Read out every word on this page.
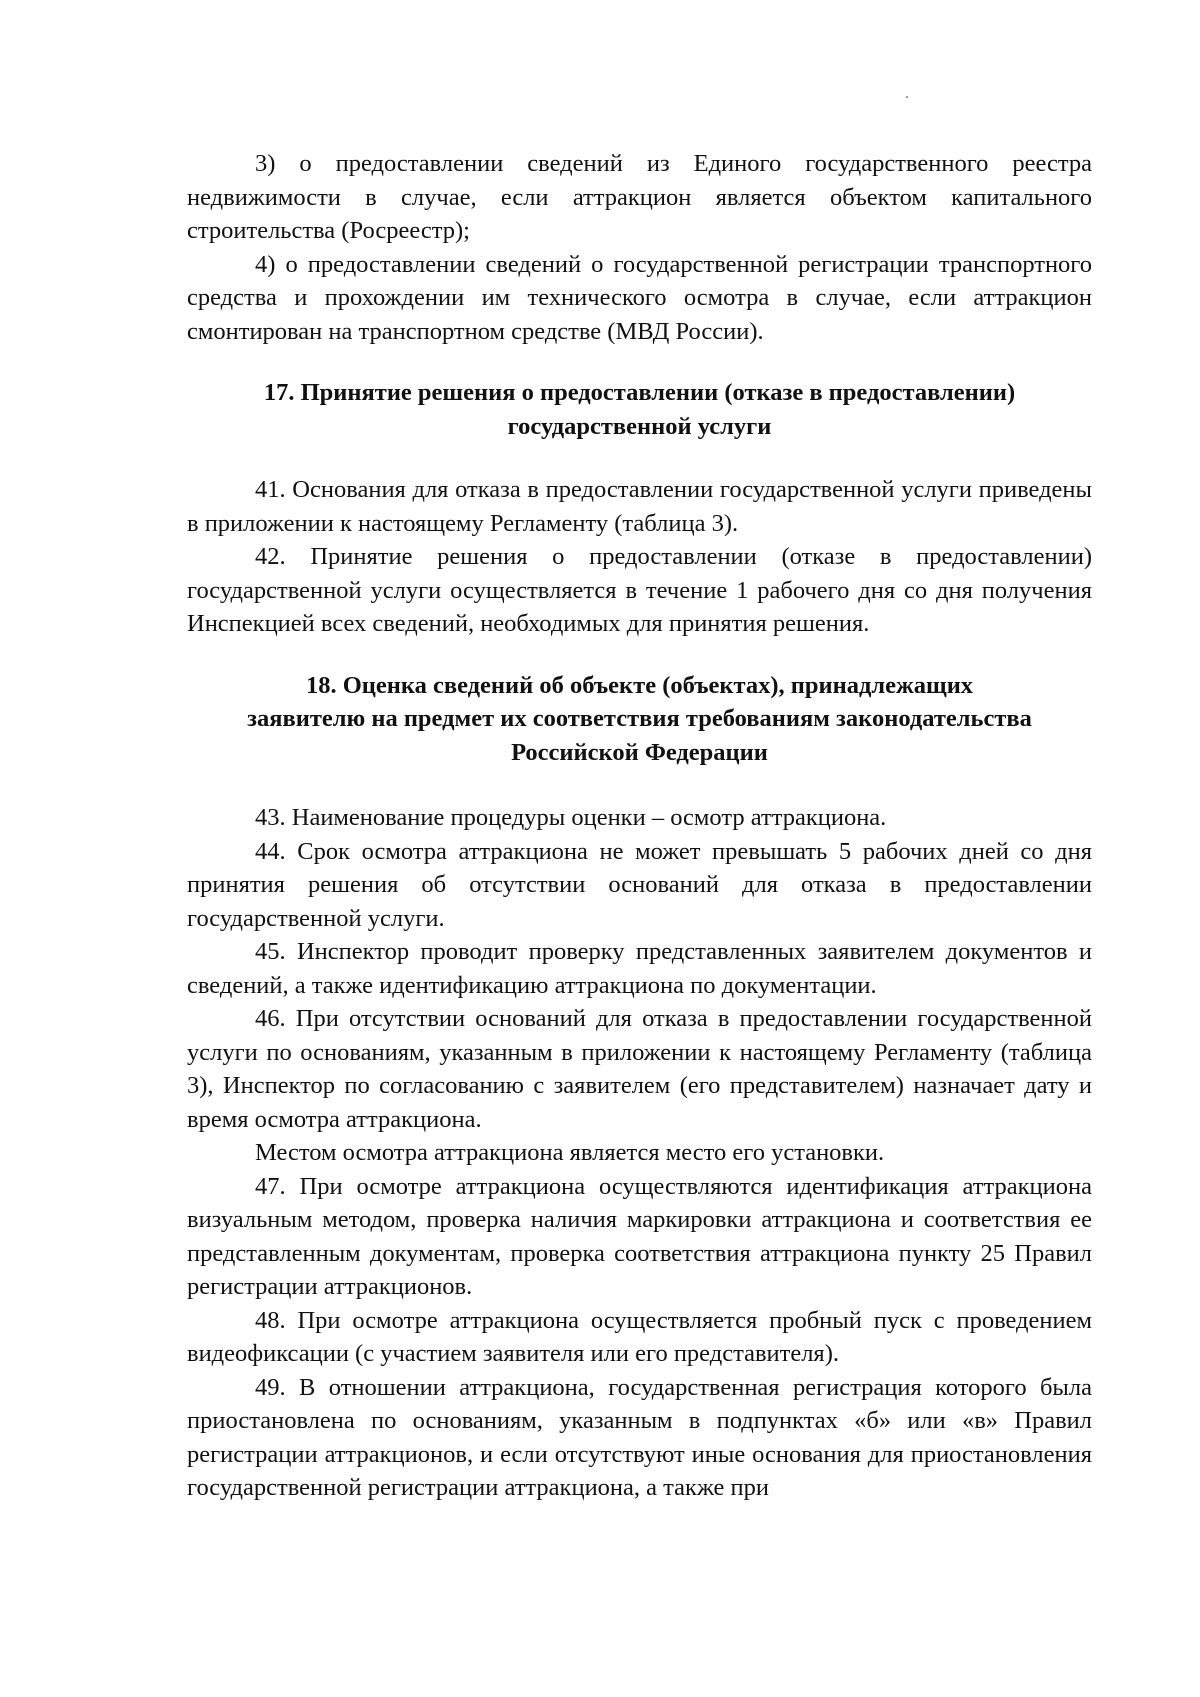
3) о предоставлении сведений из Единого государственного реестра недвижимости в случае, если аттракцион является объектом капитального строительства (Росреестр);

4) о предоставлении сведений о государственной регистрации транспортного средства и прохождении им технического осмотра в случае, если аттракцион смонтирован на транспортном средстве (МВД России).

17. Принятие решения о предоставлении (отказе в предоставлении)
государственной услуги

41. Основания для отказа в предоставлении государственной услуги приведены в приложении к настоящему Регламенту (таблица 3).

42. Принятие решения о предоставлении (отказе в предоставлении) государственной услуги осуществляется в течение 1 рабочего дня со дня получения Инспекцией всех сведений, необходимых для принятия решения.

18. Оценка сведений об объекте (объектах), принадлежащих
заявителю на предмет их соответствия требованиям законодательства
Российской Федерации

43. Наименование процедуры оценки – осмотр аттракциона.

44. Срок осмотра аттракциона не может превышать 5 рабочих дней со дня принятия решения об отсутствии оснований для отказа в предоставлении государственной услуги.

45. Инспектор проводит проверку представленных заявителем документов и сведений, а также идентификацию аттракциона по документации.

46. При отсутствии оснований для отказа в предоставлении государственной услуги по основаниям, указанным в приложении к настоящему Регламенту (таблица 3), Инспектор по согласованию с заявителем (его представителем) назначает дату и время осмотра аттракциона.

Местом осмотра аттракциона является место его установки.

47. При осмотре аттракциона осуществляются идентификация аттракциона визуальным методом, проверка наличия маркировки аттракциона и соответствия ее представленным документам, проверка соответствия аттракциона пункту 25 Правил регистрации аттракционов.

48. При осмотре аттракциона осуществляется пробный пуск с проведением видеофиксации (с участием заявителя или его представителя).

49. В отношении аттракциона, государственная регистрация которого была приостановлена по основаниям, указанным в подпунктах «б» или «в» Правил регистрации аттракционов, и если отсутствуют иные основания для приостановления государственной регистрации аттракциона, а также при
